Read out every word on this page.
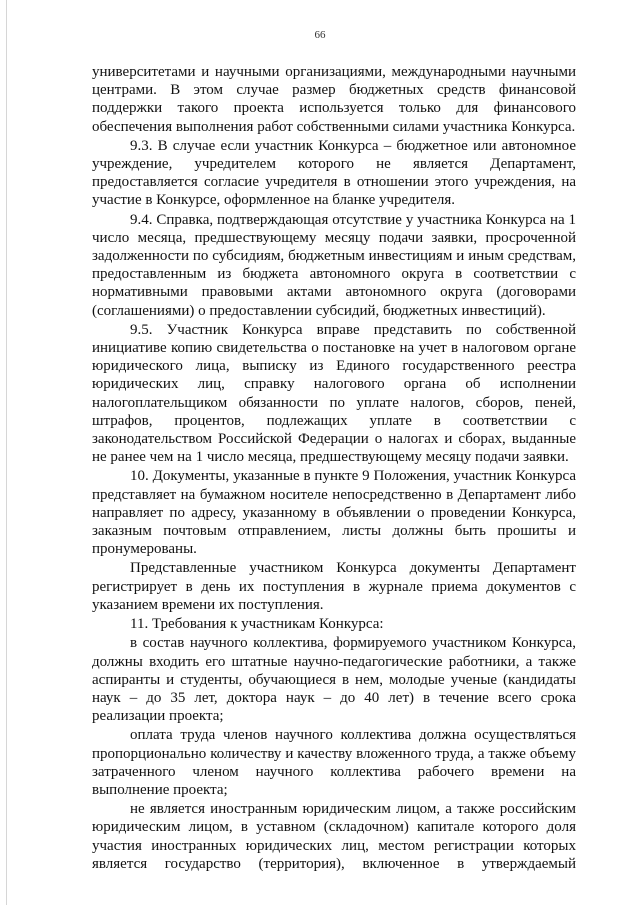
66

университетами и научными организациями, международными научными центрами. В этом случае размер бюджетных средств финансовой поддержки такого проекта используется только для финансового обеспечения выполнения работ собственными силами участника Конкурса.

9.3. В случае если участник Конкурса – бюджетное или автономное учреждение, учредителем которого не является Департамент, предоставляется согласие учредителя в отношении этого учреждения, на участие в Конкурсе, оформленное на бланке учредителя.

9.4. Справка, подтверждающая отсутствие у участника Конкурса на 1 число месяца, предшествующему месяцу подачи заявки, просроченной задолженности по субсидиям, бюджетным инвестициям и иным средствам, предоставленным из бюджета автономного округа в соответствии с нормативными правовыми актами автономного округа (договорами (соглашениями) о предоставлении субсидий, бюджетных инвестиций).

9.5. Участник Конкурса вправе представить по собственной инициативе копию свидетельства о постановке на учет в налоговом органе юридического лица, выписку из Единого государственного реестра юридических лиц, справку налогового органа об исполнении налогоплательщиком обязанности по уплате налогов, сборов, пеней, штрафов, процентов, подлежащих уплате в соответствии с законодательством Российской Федерации о налогах и сборах, выданные не ранее чем на 1 число месяца, предшествующему месяцу подачи заявки.

10. Документы, указанные в пункте 9 Положения, участник Конкурса представляет на бумажном носителе непосредственно в Департамент либо направляет по адресу, указанному в объявлении о проведении Конкурса, заказным почтовым отправлением, листы должны быть прошиты и пронумерованы.

Представленные участником Конкурса документы Департамент регистрирует в день их поступления в журнале приема документов с указанием времени их поступления.

11. Требования к участникам Конкурса:

в состав научного коллектива, формируемого участником Конкурса, должны входить его штатные научно-педагогические работники, а также аспиранты и студенты, обучающиеся в нем, молодые ученые (кандидаты наук – до 35 лет, доктора наук – до 40 лет) в течение всего срока реализации проекта;

оплата труда членов научного коллектива должна осуществляться пропорционально количеству и качеству вложенного труда, а также объему затраченного членом научного коллектива рабочего времени на выполнение проекта;

не является иностранным юридическим лицом, а также российским юридическим лицом, в уставном (складочном) капитале которого доля участия иностранных юридических лиц, местом регистрации которых является государство (территория), включенное в утверждаемый
